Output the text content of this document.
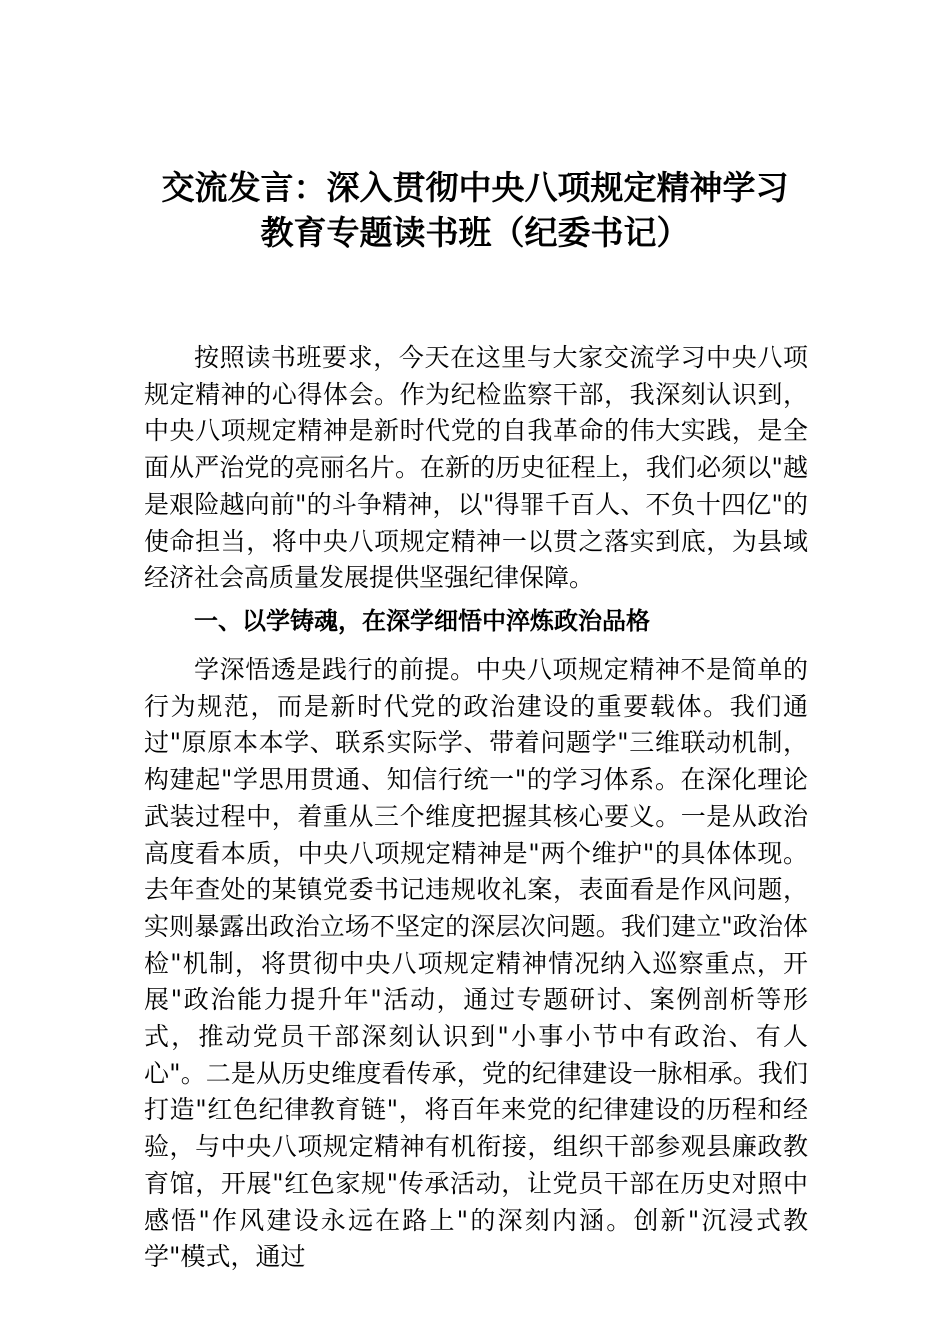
交流发言：深入贯彻中央八项规定精神学习
教育专题读书班（纪委书记）

按照读书班要求，今天在这里与大家交流学习中央八项规定精神的心得体会。作为纪检监察干部，我深刻认识到，中央八项规定精神是新时代党的自我革命的伟大实践，是全面从严治党的亮丽名片。在新的历史征程上，我们必须以"越是艰险越向前"的斗争精神，以"得罪千百人、不负十四亿"的使命担当，将中央八项规定精神一以贯之落实到底，为县域经济社会高质量发展提供坚强纪律保障。

一、以学铸魂，在深学细悟中淬炼政治品格

学深悟透是践行的前提。中央八项规定精神不是简单的行为规范，而是新时代党的政治建设的重要载体。我们通过"原原本本学、联系实际学、带着问题学"三维联动机制，构建起"学思用贯通、知信行统一"的学习体系。在深化理论武装过程中，着重从三个维度把握其核心要义。一是从政治高度看本质，中央八项规定精神是"两个维护"的具体体现。去年查处的某镇党委书记违规收礼案，表面看是作风问题，实则暴露出政治立场不坚定的深层次问题。我们建立"政治体检"机制，将贯彻中央八项规定精神情况纳入巡察重点，开展"政治能力提升年"活动，通过专题研讨、案例剖析等形式，推动党员干部深刻认识到"小事小节中有政治、有人心"。二是从历史维度看传承，党的纪律建设一脉相承。我们打造"红色纪律教育链"，将百年来党的纪律建设的历程和经验，与中央八项规定精神有机衔接，组织干部参观县廉政教育馆，开展"红色家规"传承活动，让党员干部在历史对照中感悟"作风建设永远在路上"的深刻内涵。创新"沉浸式教学"模式，通过
